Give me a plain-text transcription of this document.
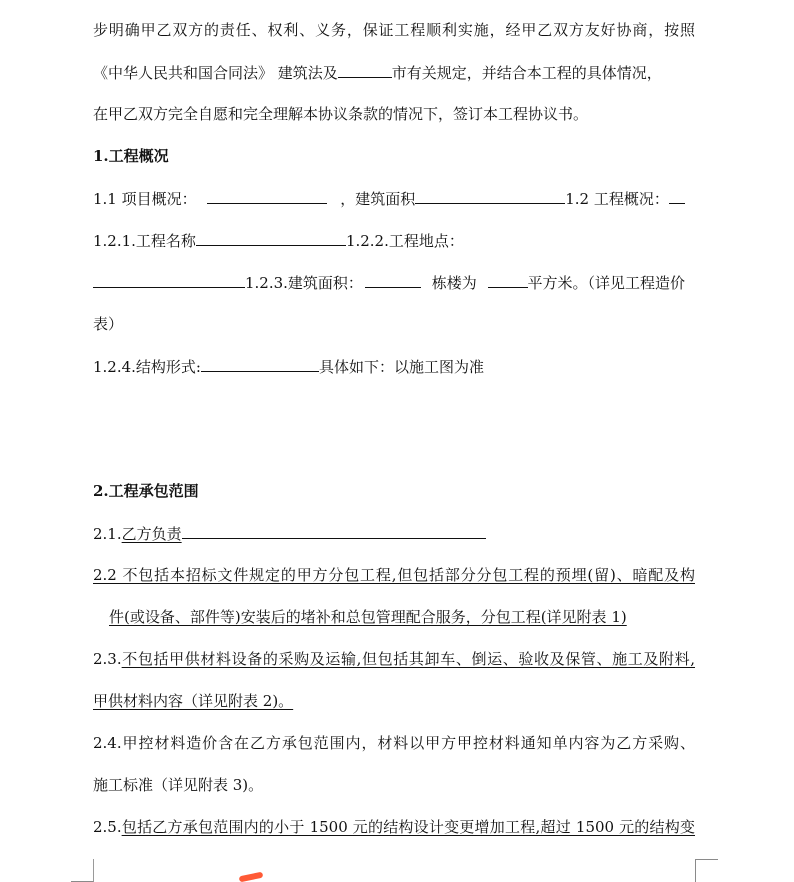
步明确甲乙双方的责任、权利、义务，保证工程顺利实施，经甲乙双方友好协商，按照
《中华人民共和国合同法》 建筑法及	市有关规定，并结合本工程的具体情况，
在甲乙双方完全自愿和完全理解本协议条款的情况下，签订本工程协议书。
1.工程概况
1.1 项目概况：	，建筑面积	1.2 工程概况：
1.2.1.工程名称	1.2.2.工程地点：
1.2.3.建筑面积：	栋楼为	平方米。（详见工程造价
表）
1.2.4.结构形式:	具体如下：以施工图为准
2.工程承包范围
2.1.乙方负责
2.2 不包括本招标文件规定的甲方分包工程,但包括部分分包工程的预埋(留)、暗配及构
件(或设备、部件等)安装后的堵补和总包管理配合服务，分包工程(详见附表 1)
2.3.不包括甲供材料设备的采购及运输,但包括其卸车、倒运、验收及保管、施工及附料,
甲供材料内容（详见附表 2)。
2.4.甲控材料造价含在乙方承包范围内，材料以甲方甲控材料通知单内容为乙方采购、
施工标准（详见附表 3)。
2.5.包括乙方承包范围内的小于 1500 元的结构设计变更增加工程,超过 1500 元的结构变
